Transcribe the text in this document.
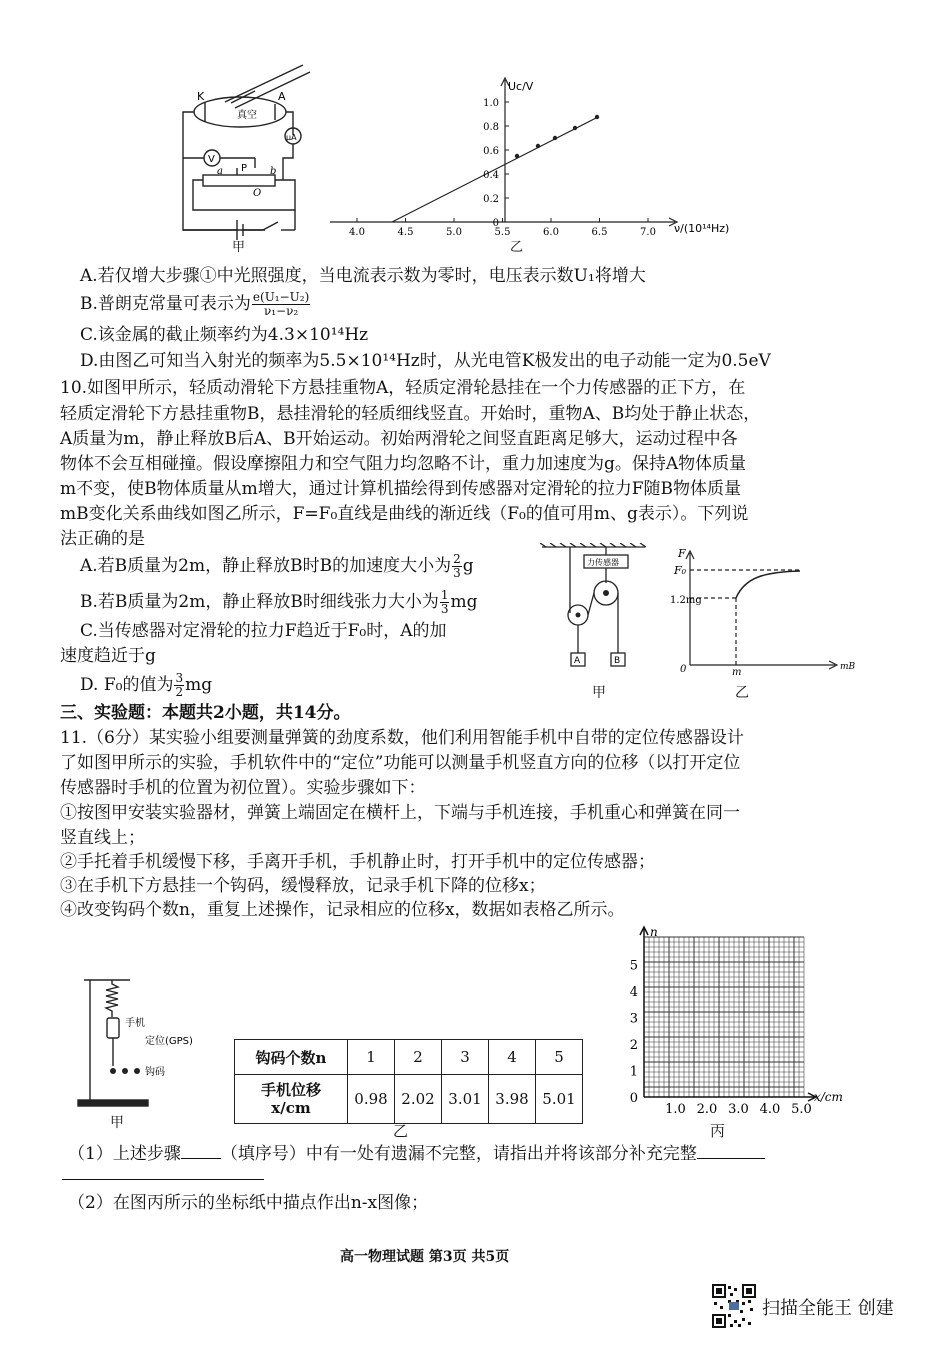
K	A
真空
μA
V
P
a	b
O
甲
1.0
0.8
0.6
0.4
0.2
0
4.0	4.5	5.0	5.5	6.0	6.5	7.0
Uc/V
ν/(10¹⁴Hz)
乙
A.若仅增大步骤①中光照强度，当电流表示数为零时，电压表示数U₁将增大
B.普朗克常量可表示为 $\frac{\text{e(U₁−U₂)}}{\text{ν₁−ν₂}}$
C.该金属的截止频率约为4.3×10¹⁴Hz
D.由图乙可知当入射光的频率为5.5×10¹⁴Hz时，从光电管K极发出的电子动能一定为0.5eV
10.如图甲所示，轻质动滑轮下方悬挂重物A，轻质定滑轮悬挂在一个力传感器的正下方，在
轻质定滑轮下方悬挂重物B，悬挂滑轮的轻质细线竖直。开始时，重物A、B均处于静止状态，
A质量为m，静止释放B后A、B开始运动。初始两滑轮之间竖直距离足够大，运动过程中各
物体不会互相碰撞。假设摩擦阻力和空气阻力均忽略不计，重力加速度为g。保持A物体质量
m不变，使B物体质量从m增大，通过计算机描绘得到传感器对定滑轮的拉力F随B物体质量
mB变化关系曲线如图乙所示，F=F₀直线是曲线的渐近线（F₀的值可用m、g表示）。下列说
法正确的是
A.若B质量为2m，静止释放B时B的加速度大小为 $\frac{2}{3}$ g
B.若B质量为2m，静止释放B时细线张力大小为 $\frac{1}{3}$ mg
C.当传感器对定滑轮的拉力F趋近于F₀时，A的加
速度趋近于g
D. F₀的值为 $\frac{3}{2}$ mg
力传感器
A	B
甲
F
F₀
1.2mg
0	m	mB
乙
三、实验题：本题共2小题，共14分。
11.（6分）某实验小组要测量弹簧的劲度系数，他们利用智能手机中自带的定位传感器设计
了如图甲所示的实验，手机软件中的“定位”功能可以测量手机竖直方向的位移（以打开定位
传感器时手机的位置为初位置）。实验步骤如下：
①按图甲安装实验器材，弹簧上端固定在横杆上，下端与手机连接，手机重心和弹簧在同一
竖直线上；
②手托着手机缓慢下移，手离开手机，手机静止时，打开手机中的定位传感器；
③在手机下方悬挂一个钩码，缓慢释放，记录手机下降的位移x；
④改变钩码个数n，重复上述操作，记录相应的位移x，数据如表格乙所示。
手机
定位(GPS)
钩码
甲
钩码个数n	1	2	3	4	5
手机位移
x/cm	0.98	2.02	3.01	3.98	5.01
乙
5
4
3
2
1
0
1.0 2.0 3.0 4.0 5.0
n
x/cm
丙
（1）上述步骤 （填序号）中有一处有遗漏不完整，请指出并将该部分补充完整
（2）在图丙所示的坐标纸中描点作出n-x图像；
高一物理试题 第3页 共5页
扫描全能王 创建
